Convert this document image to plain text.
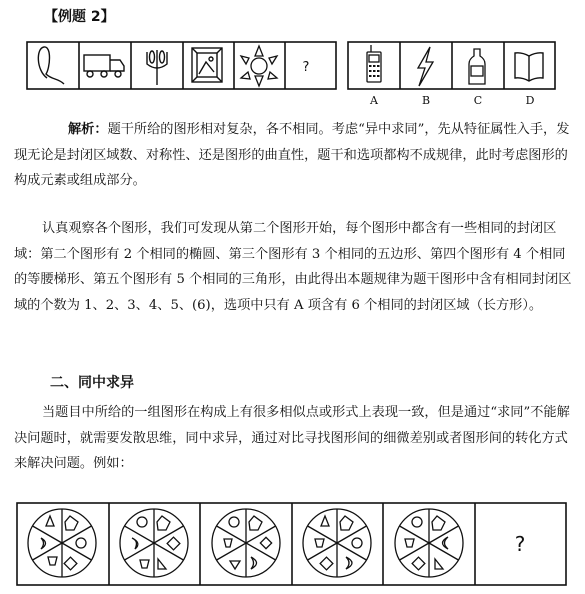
【例题 2】
?
A	B	C	D
解析：题干所给的图形相对复杂，各不相同。考虑“异中求同”，先从特征属性入手，发现无论是封闭区域数、对称性、还是图形的曲直性，题干和选项都构不成规律，此时考虑图形的构成元素或组成部分。
认真观察各个图形，我们可发现从第二个图形开始，每个图形中都含有一些相同的封闭区域：第二个图形有 2 个相同的椭圆、第三个图形有 3 个相同的五边形、第四个图形有 4 个相同的等腰梯形、第五个图形有 5 个相同的三角形，由此得出本题规律为题干图形中含有相同封闭区域的个数为 1、2、3、4、5、(6)，选项中只有 A 项含有 6 个相同的封闭区域（长方形）。
二、同中求异
当题目中所给的一组图形在构成上有很多相似点或形式上表现一致，但是通过“求同”不能解决问题时，就需要发散思维，同中求异，通过对比寻找图形间的细微差别或者图形间的转化方式来解决问题。例如：
?
